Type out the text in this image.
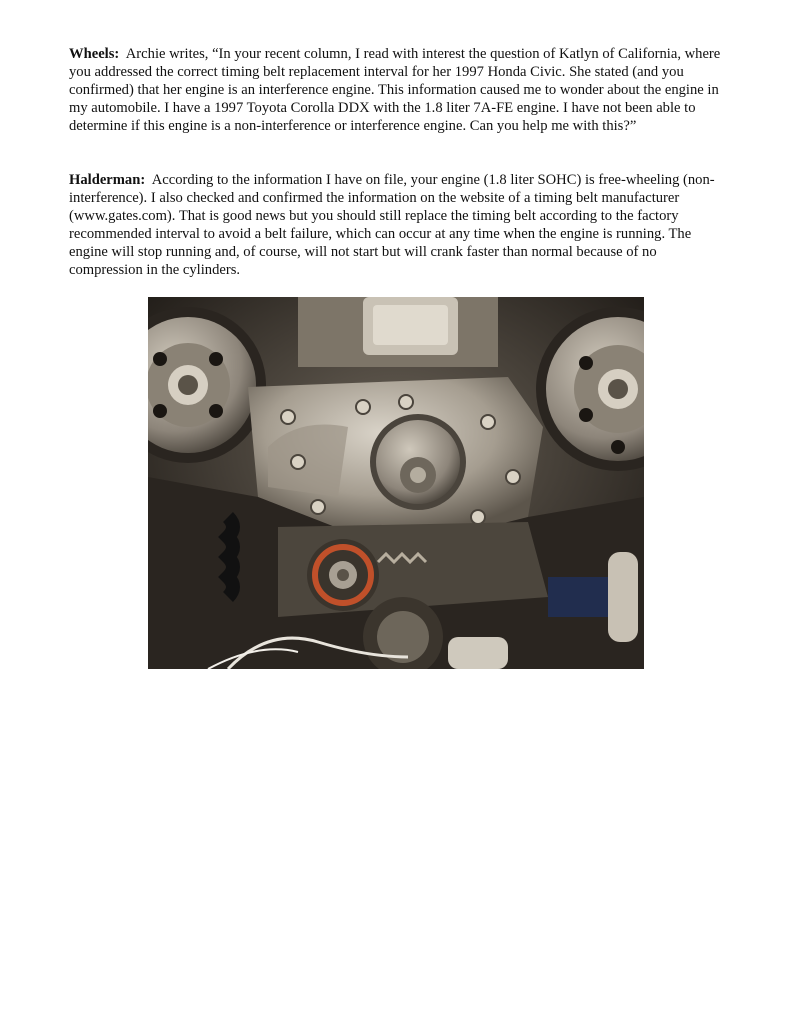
Wheels: Archie writes, “In your recent column, I read with interest the question of Katlyn of California, where you addressed the correct timing belt replacement interval for her 1997 Honda Civic. She stated (and you confirmed) that her engine is an interference engine. This information caused me to wonder about the engine in my automobile. I have a 1997 Toyota Corolla DDX with the 1.8 liter 7A-FE engine. I have not been able to determine if this engine is a non-interference or interference engine. Can you help me with this?”

Halderman: According to the information I have on file, your engine (1.8 liter SOHC) is free-wheeling (non-interference). I also checked and confirmed the information on the website of a timing belt manufacturer (www.gates.com). That is good news but you should still replace the timing belt according to the factory recommended interval to avoid a belt failure, which can occur at any time when the engine is running. The engine will stop running and, of course, will not start but will crank faster than normal because of no compression in the cylinders.
